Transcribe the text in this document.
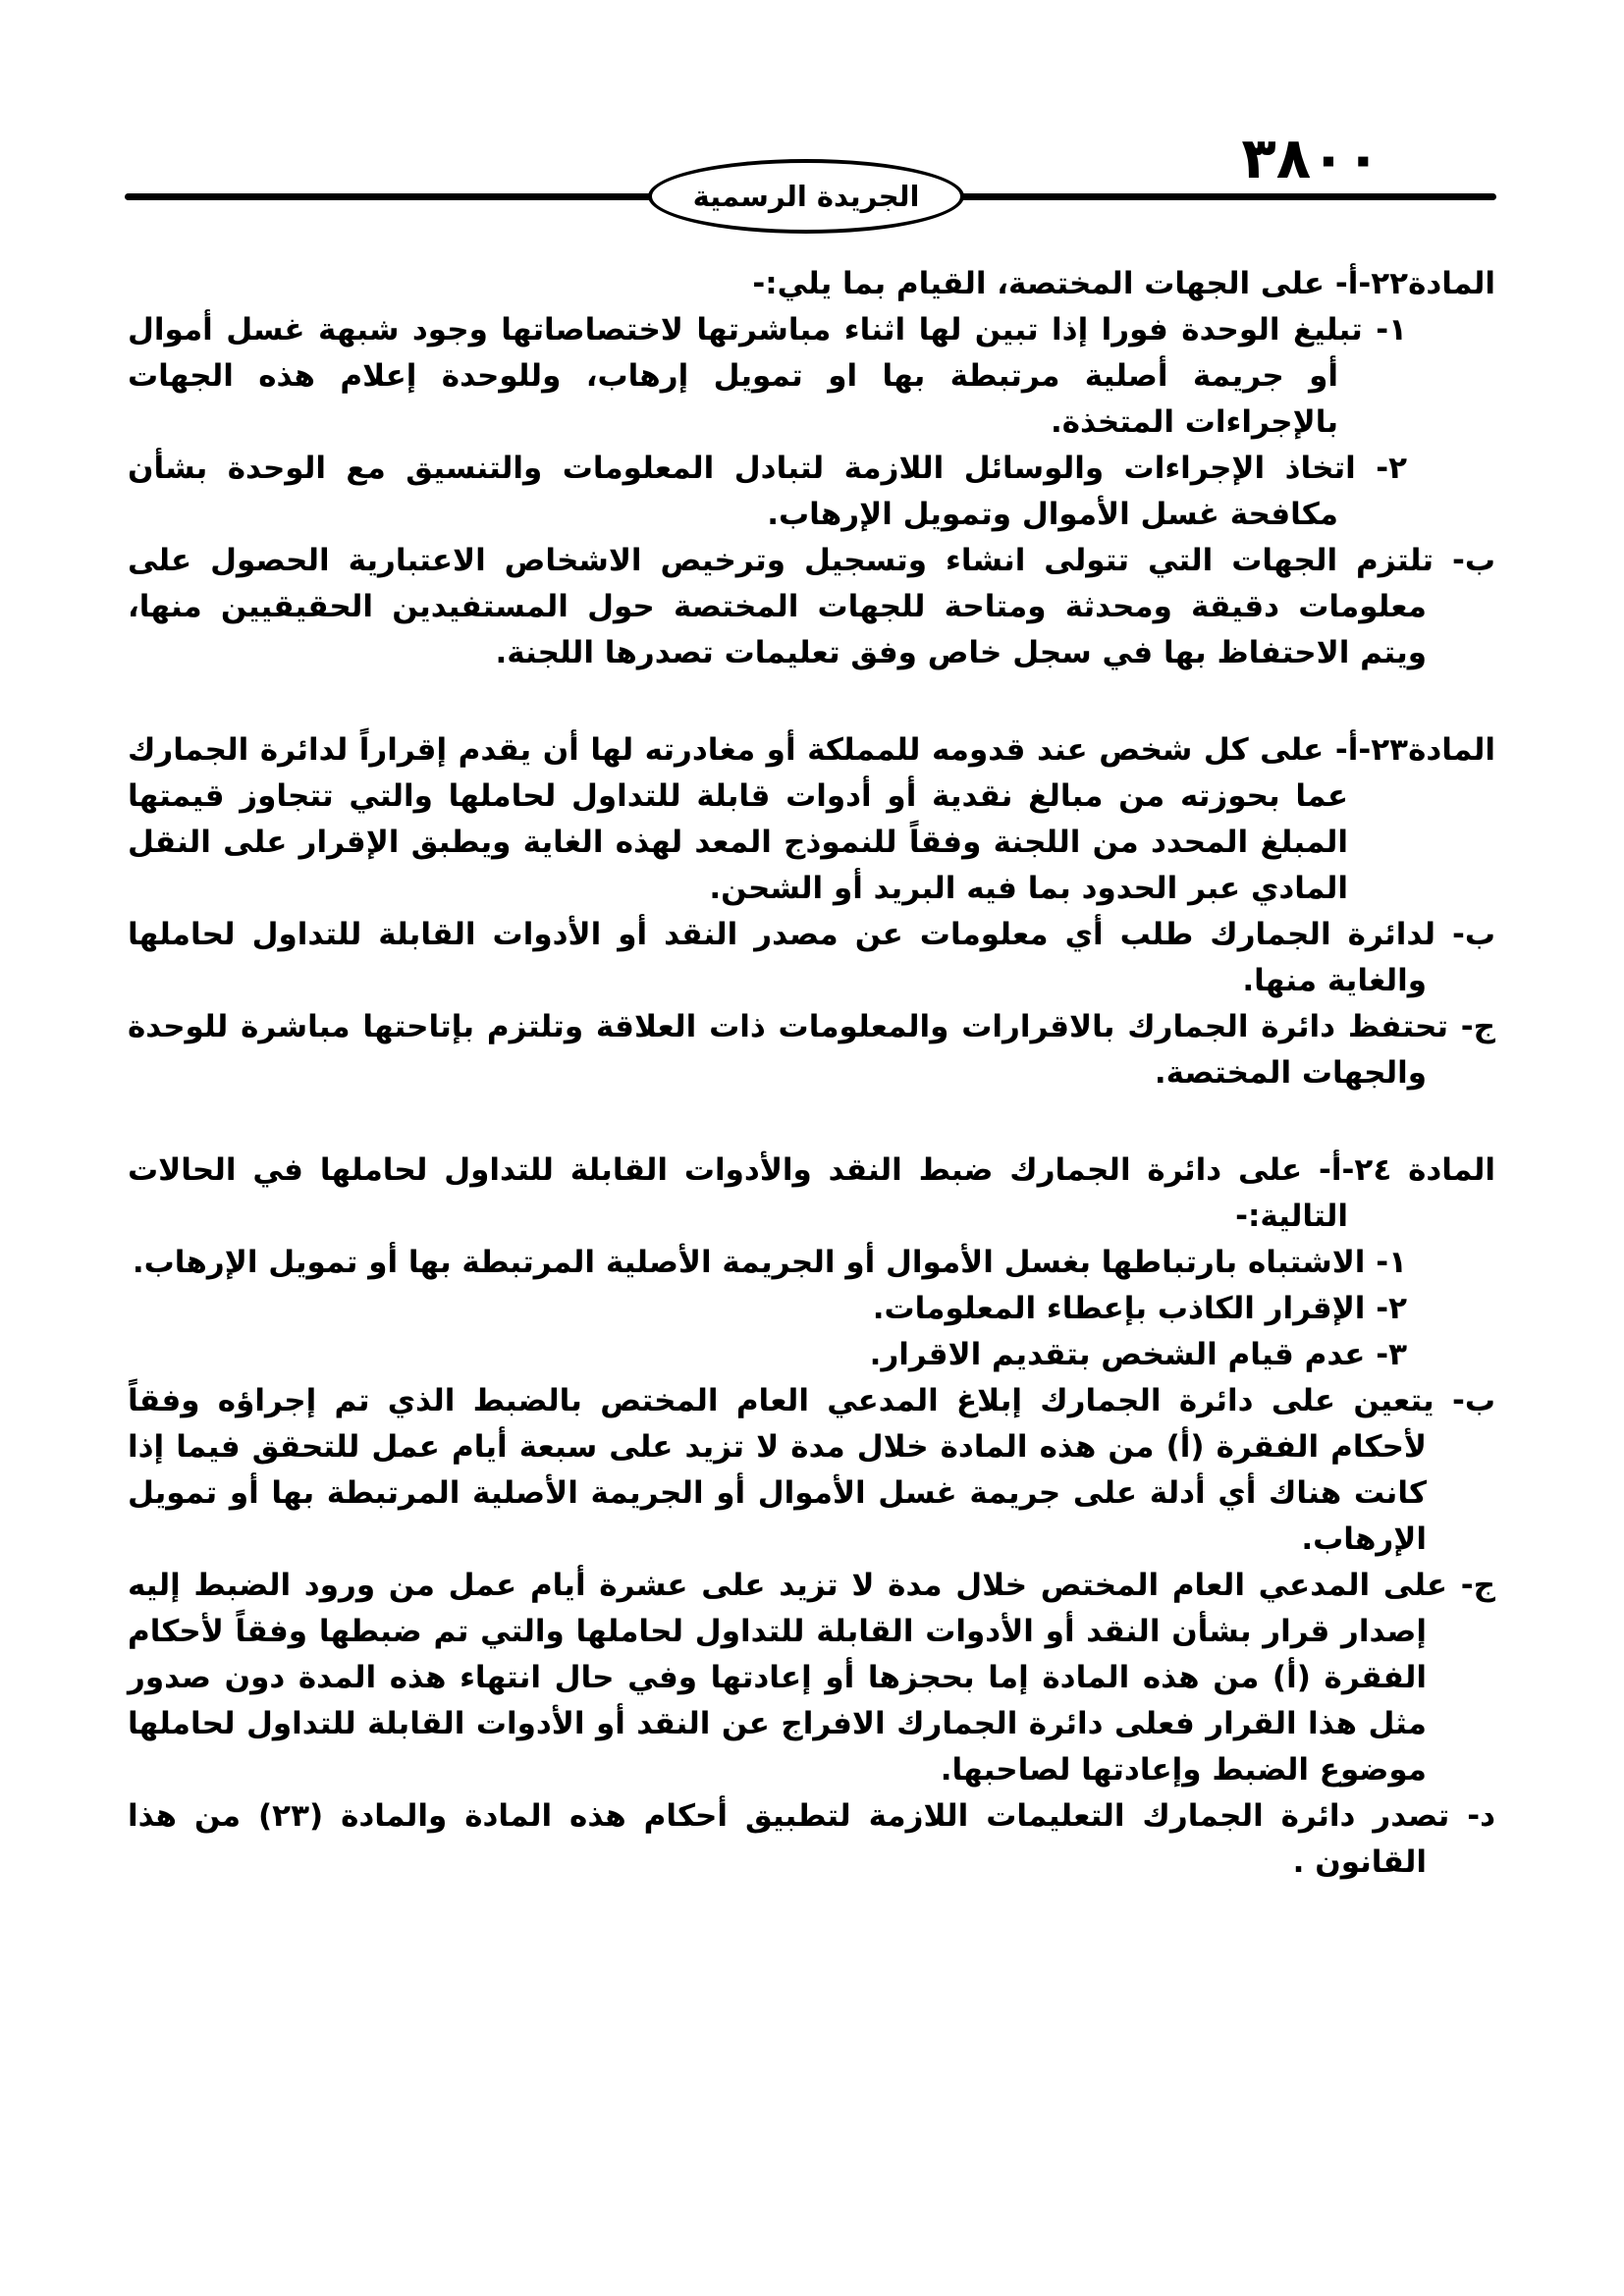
٣٨٠٠
الجريدة الرسمية

المادة٢٢-أ- على الجهات المختصة، القيام بما يلي:-

١- تبليغ الوحدة فورا إذا تبين لها اثناء مباشرتها لاختصاصاتها وجود شبهة غسل أموال أو جريمة أصلية مرتبطة بها او تمويل إرهاب، وللوحدة إعلام هذه الجهات بالإجراءات المتخذة.

٢- اتخاذ الإجراءات والوسائل اللازمة لتبادل المعلومات والتنسيق مع الوحدة بشأن مكافحة غسل الأموال وتمويل الإرهاب.

ب- تلتزم الجهات التي تتولى انشاء وتسجيل وترخيص الاشخاص الاعتبارية الحصول على معلومات دقيقة ومحدثة ومتاحة للجهات المختصة حول المستفيدين الحقيقيين منها، ويتم الاحتفاظ بها في سجل خاص وفق تعليمات تصدرها اللجنة.

المادة٢٣-أ- على كل شخص عند قدومه للمملكة أو مغادرته لها أن يقدم إقراراً لدائرة الجمارك عما بحوزته من مبالغ نقدية أو أدوات قابلة للتداول لحاملها والتي تتجاوز قيمتها المبلغ المحدد من اللجنة وفقاً للنموذج المعد لهذه الغاية ويطبق الإقرار على النقل المادي عبر الحدود بما فيه البريد أو الشحن.

ب- لدائرة الجمارك طلب أي معلومات عن مصدر النقد أو الأدوات القابلة للتداول لحاملها والغاية منها.

ج- تحتفظ دائرة الجمارك بالاقرارات والمعلومات ذات العلاقة وتلتزم بإتاحتها مباشرة للوحدة والجهات المختصة.

المادة ٢٤-أ- على دائرة الجمارك ضبط النقد والأدوات القابلة للتداول لحاملها في الحالات التالية:-

١- الاشتباه بارتباطها بغسل الأموال أو الجريمة الأصلية المرتبطة بها أو تمويل الإرهاب.

٢- الإقرار الكاذب بإعطاء المعلومات.

٣- عدم قيام الشخص بتقديم الاقرار.

ب- يتعين على دائرة الجمارك إبلاغ المدعي العام المختص بالضبط الذي تم إجراؤه وفقاً لأحكام الفقرة (أ) من هذه المادة خلال مدة لا تزيد على سبعة أيام عمل للتحقق فيما إذا كانت هناك أي أدلة على جريمة غسل الأموال أو الجريمة الأصلية المرتبطة بها أو تمويل الإرهاب.

ج- على المدعي العام المختص خلال مدة لا تزيد على عشرة أيام عمل من ورود الضبط إليه إصدار قرار بشأن النقد أو الأدوات القابلة للتداول لحاملها والتي تم ضبطها وفقاً لأحكام الفقرة (أ) من هذه المادة إما بحجزها أو إعادتها وفي حال انتهاء هذه المدة دون صدور مثل هذا القرار فعلى دائرة الجمارك الافراج عن النقد أو الأدوات القابلة للتداول لحاملها موضوع الضبط وإعادتها لصاحبها.

د- تصدر دائرة الجمارك التعليمات اللازمة لتطبيق أحكام هذه المادة والمادة (٢٣) من هذا القانون .
